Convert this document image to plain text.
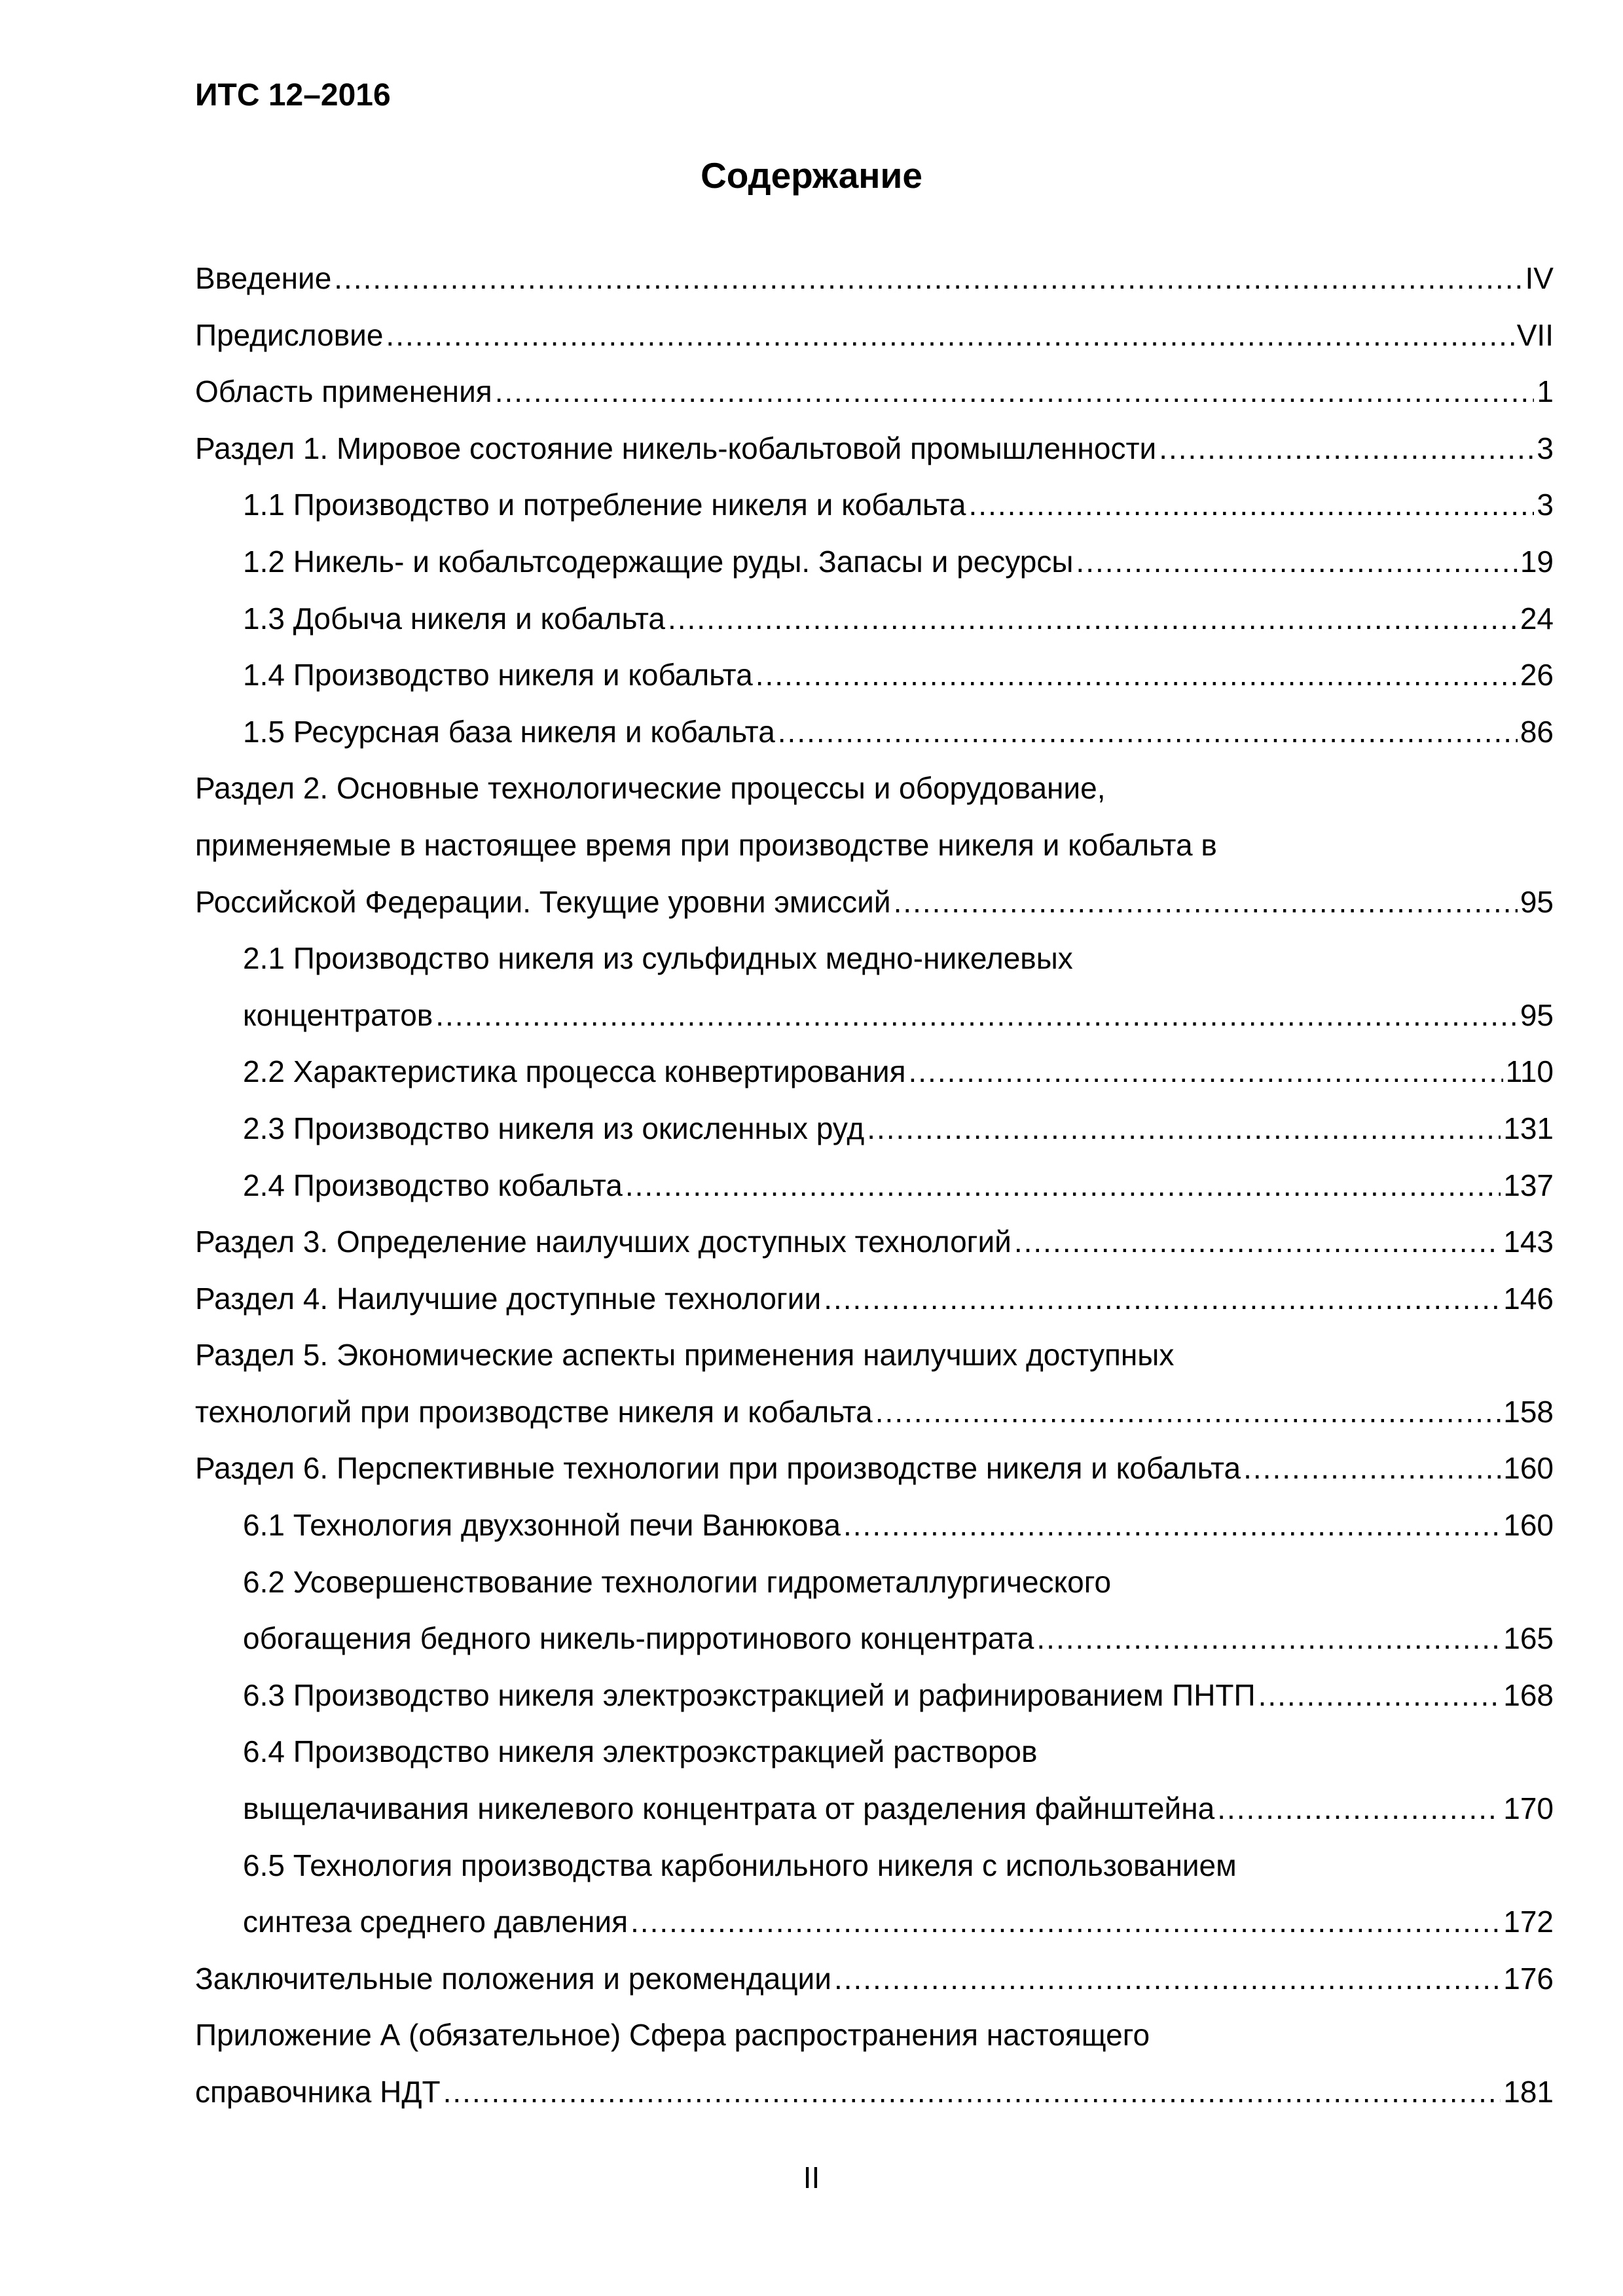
ИТС 12–2016
Содержание
Введение .....	IV
Предисловие .....	VII
Область применения .....	1
Раздел 1. Мировое состояние никель-кобальтовой промышленности .....	3
1.1 Производство и потребление никеля и кобальта .....	3
1.2 Никель- и кобальтсодержащие руды. Запасы и ресурсы .....	19
1.3 Добыча никеля и кобальта .....	24
1.4 Производство никеля и кобальта .....	26
1.5 Ресурсная база никеля и кобальта .....	86
Раздел 2. Основные технологические процессы и оборудование,
применяемые в настоящее время при производстве никеля и кобальта в
Российской Федерации. Текущие уровни эмиссий .....	95
2.1 Производство никеля из сульфидных медно-никелевых
концентратов .....	95
2.2 Характеристика процесса конвертирования .....	110
2.3 Производство никеля из окисленных руд .....	131
2.4 Производство кобальта .....	137
Раздел 3. Определение наилучших доступных технологий .....	143
Раздел 4. Наилучшие доступные технологии .....	146
Раздел 5. Экономические аспекты применения наилучших доступных
технологий при производстве никеля и кобальта .....	158
Раздел 6. Перспективные технологии при производстве никеля и кобальта .....	160
6.1 Технология двухзонной печи Ванюкова .....	160
6.2 Усовершенствование технологии гидрометаллургического
обогащения бедного никель-пирротинового концентрата .....	165
6.3 Производство никеля электроэкстракцией и рафинированием ПНТП .....	168
6.4 Производство никеля электроэкстракцией растворов
выщелачивания никелевого концентрата от разделения файнштейна .....	170
6.5 Технология производства карбонильного никеля с использованием
синтеза среднего давления .....	172
Заключительные положения и рекомендации .....	176
Приложение А (обязательное) Сфера распространения настоящего
справочника НДТ .....	181
II
